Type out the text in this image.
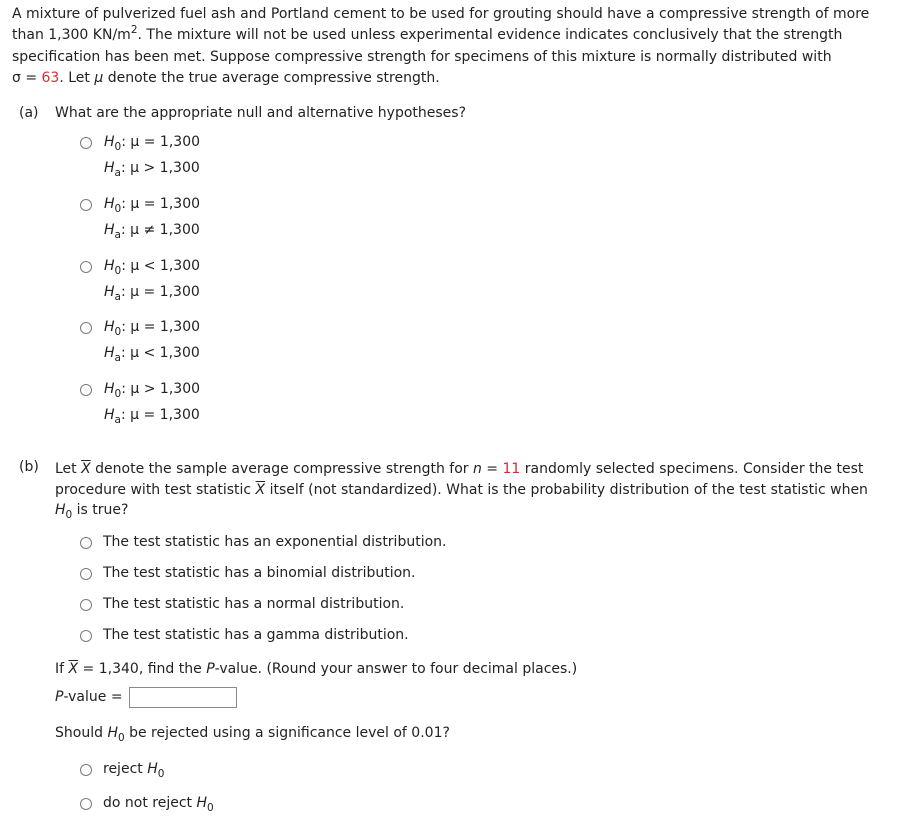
A mixture of pulverized fuel ash and Portland cement to be used for grouting should have a compressive strength of more than 1,300 $KN/m^2$. The mixture will not be used unless experimental evidence indicates conclusively that the strength specification has been met. Suppose compressive strength for specimens of this mixture is normally distributed with
σ = 63. Let μ denote the true average compressive strength.
(a) What are the appropriate null and alternative hypotheses?
$H_0$: μ = 1,300
$H_a$: μ > 1,300
$H_0$: μ = 1,300
$H_a$: μ ≠ 1,300
$H_0$: μ < 1,300
$H_a$: μ = 1,300
$H_0$: μ = 1,300
$H_a$: μ < 1,300
$H_0$: μ > 1,300
$H_a$: μ = 1,300
(b) Let $\overline{X}$ denote the sample average compressive strength for n = 11 randomly selected specimens. Consider the test procedure with test statistic $\overline{X}$ itself (not standardized). What is the probability distribution of the test statistic when
$H_0$ is true?
The test statistic has an exponential distribution.
The test statistic has a binomial distribution.
The test statistic has a normal distribution.
The test statistic has a gamma distribution.
If $\overline{X} = 1,340$, find the P-value. (Round your answer to four decimal places.)
P-value =
Should $H_0$ be rejected using a significance level of 0.01?
reject $H_0$
do not reject $H_0$
